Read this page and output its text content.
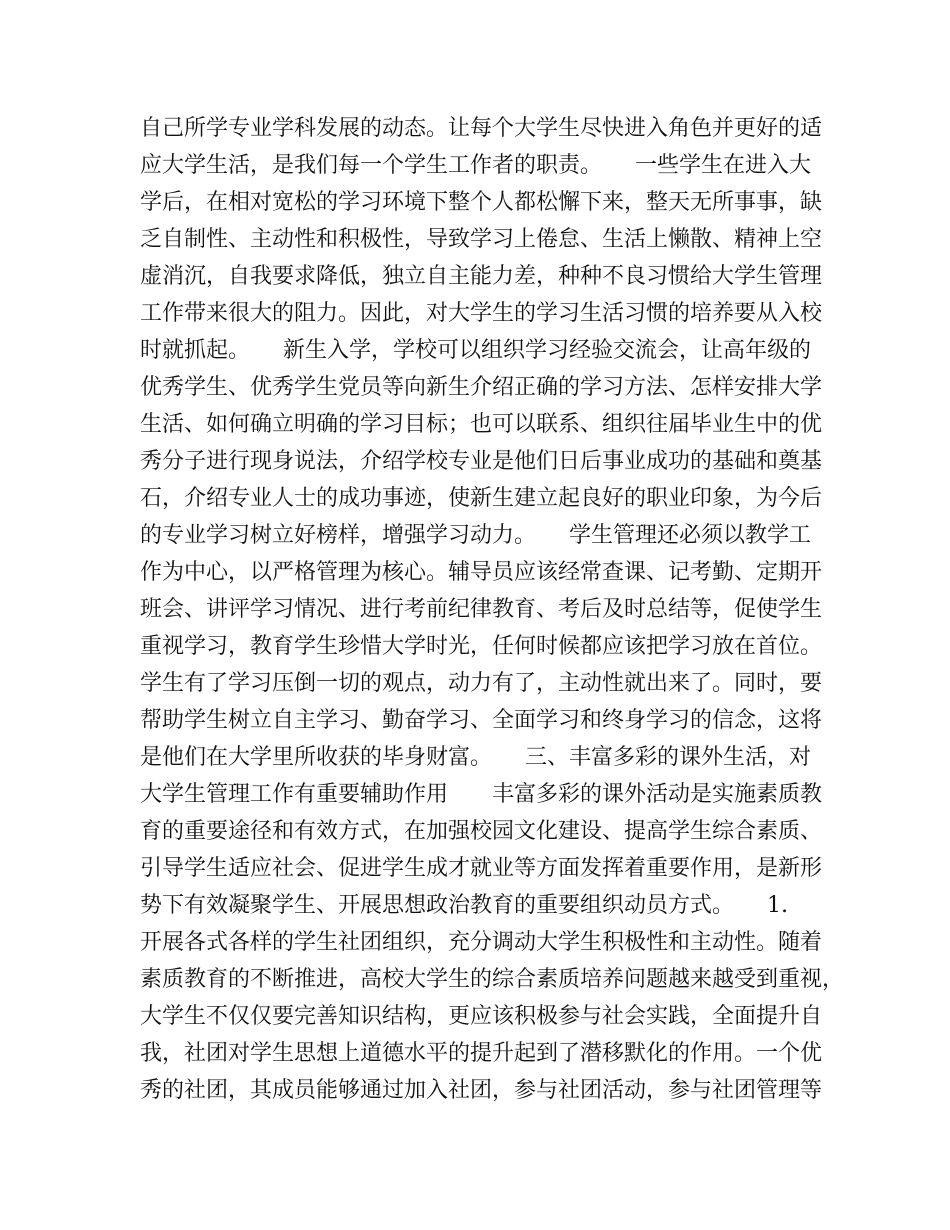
自己所学专业学科发展的动态。让每个大学生尽快进入角色并更好的适
应大学生活，是我们每一个学生工作者的职责。　　一些学生在进入大
学后，在相对宽松的学习环境下整个人都松懈下来，整天无所事事，缺
乏自制性、主动性和积极性，导致学习上倦怠、生活上懒散、精神上空
虚消沉，自我要求降低，独立自主能力差，种种不良习惯给大学生管理
工作带来很大的阻力。因此，对大学生的学习生活习惯的培养要从入校
时就抓起。　　新生入学，学校可以组织学习经验交流会，让高年级的
优秀学生、优秀学生党员等向新生介绍正确的学习方法、怎样安排大学
生活、如何确立明确的学习目标；也可以联系、组织往届毕业生中的优
秀分子进行现身说法，介绍学校专业是他们日后事业成功的基础和奠基
石，介绍专业人士的成功事迹，使新生建立起良好的职业印象，为今后
的专业学习树立好榜样，增强学习动力。　　学生管理还必须以教学工
作为中心，以严格管理为核心。辅导员应该经常查课、记考勤、定期开
班会、讲评学习情况、进行考前纪律教育、考后及时总结等，促使学生
重视学习，教育学生珍惜大学时光，任何时候都应该把学习放在首位。
学生有了学习压倒一切的观点，动力有了，主动性就出来了。同时，要
帮助学生树立自主学习、勤奋学习、全面学习和终身学习的信念，这将
是他们在大学里所收获的毕身财富。　　三、丰富多彩的课外生活，对
大学生管理工作有重要辅助作用　　丰富多彩的课外活动是实施素质教
育的重要途径和有效方式，在加强校园文化建设、提高学生综合素质、
引导学生适应社会、促进学生成才就业等方面发挥着重要作用，是新形
势下有效凝聚学生、开展思想政治教育的重要组织动员方式。　　1.
开展各式各样的学生社团组织，充分调动大学生积极性和主动性。随着
素质教育的不断推进，高校大学生的综合素质培养问题越来越受到重视，
大学生不仅仅要完善知识结构，更应该积极参与社会实践，全面提升自
我，社团对学生思想上道德水平的提升起到了潜移默化的作用。一个优
秀的社团，其成员能够通过加入社团，参与社团活动，参与社团管理等
